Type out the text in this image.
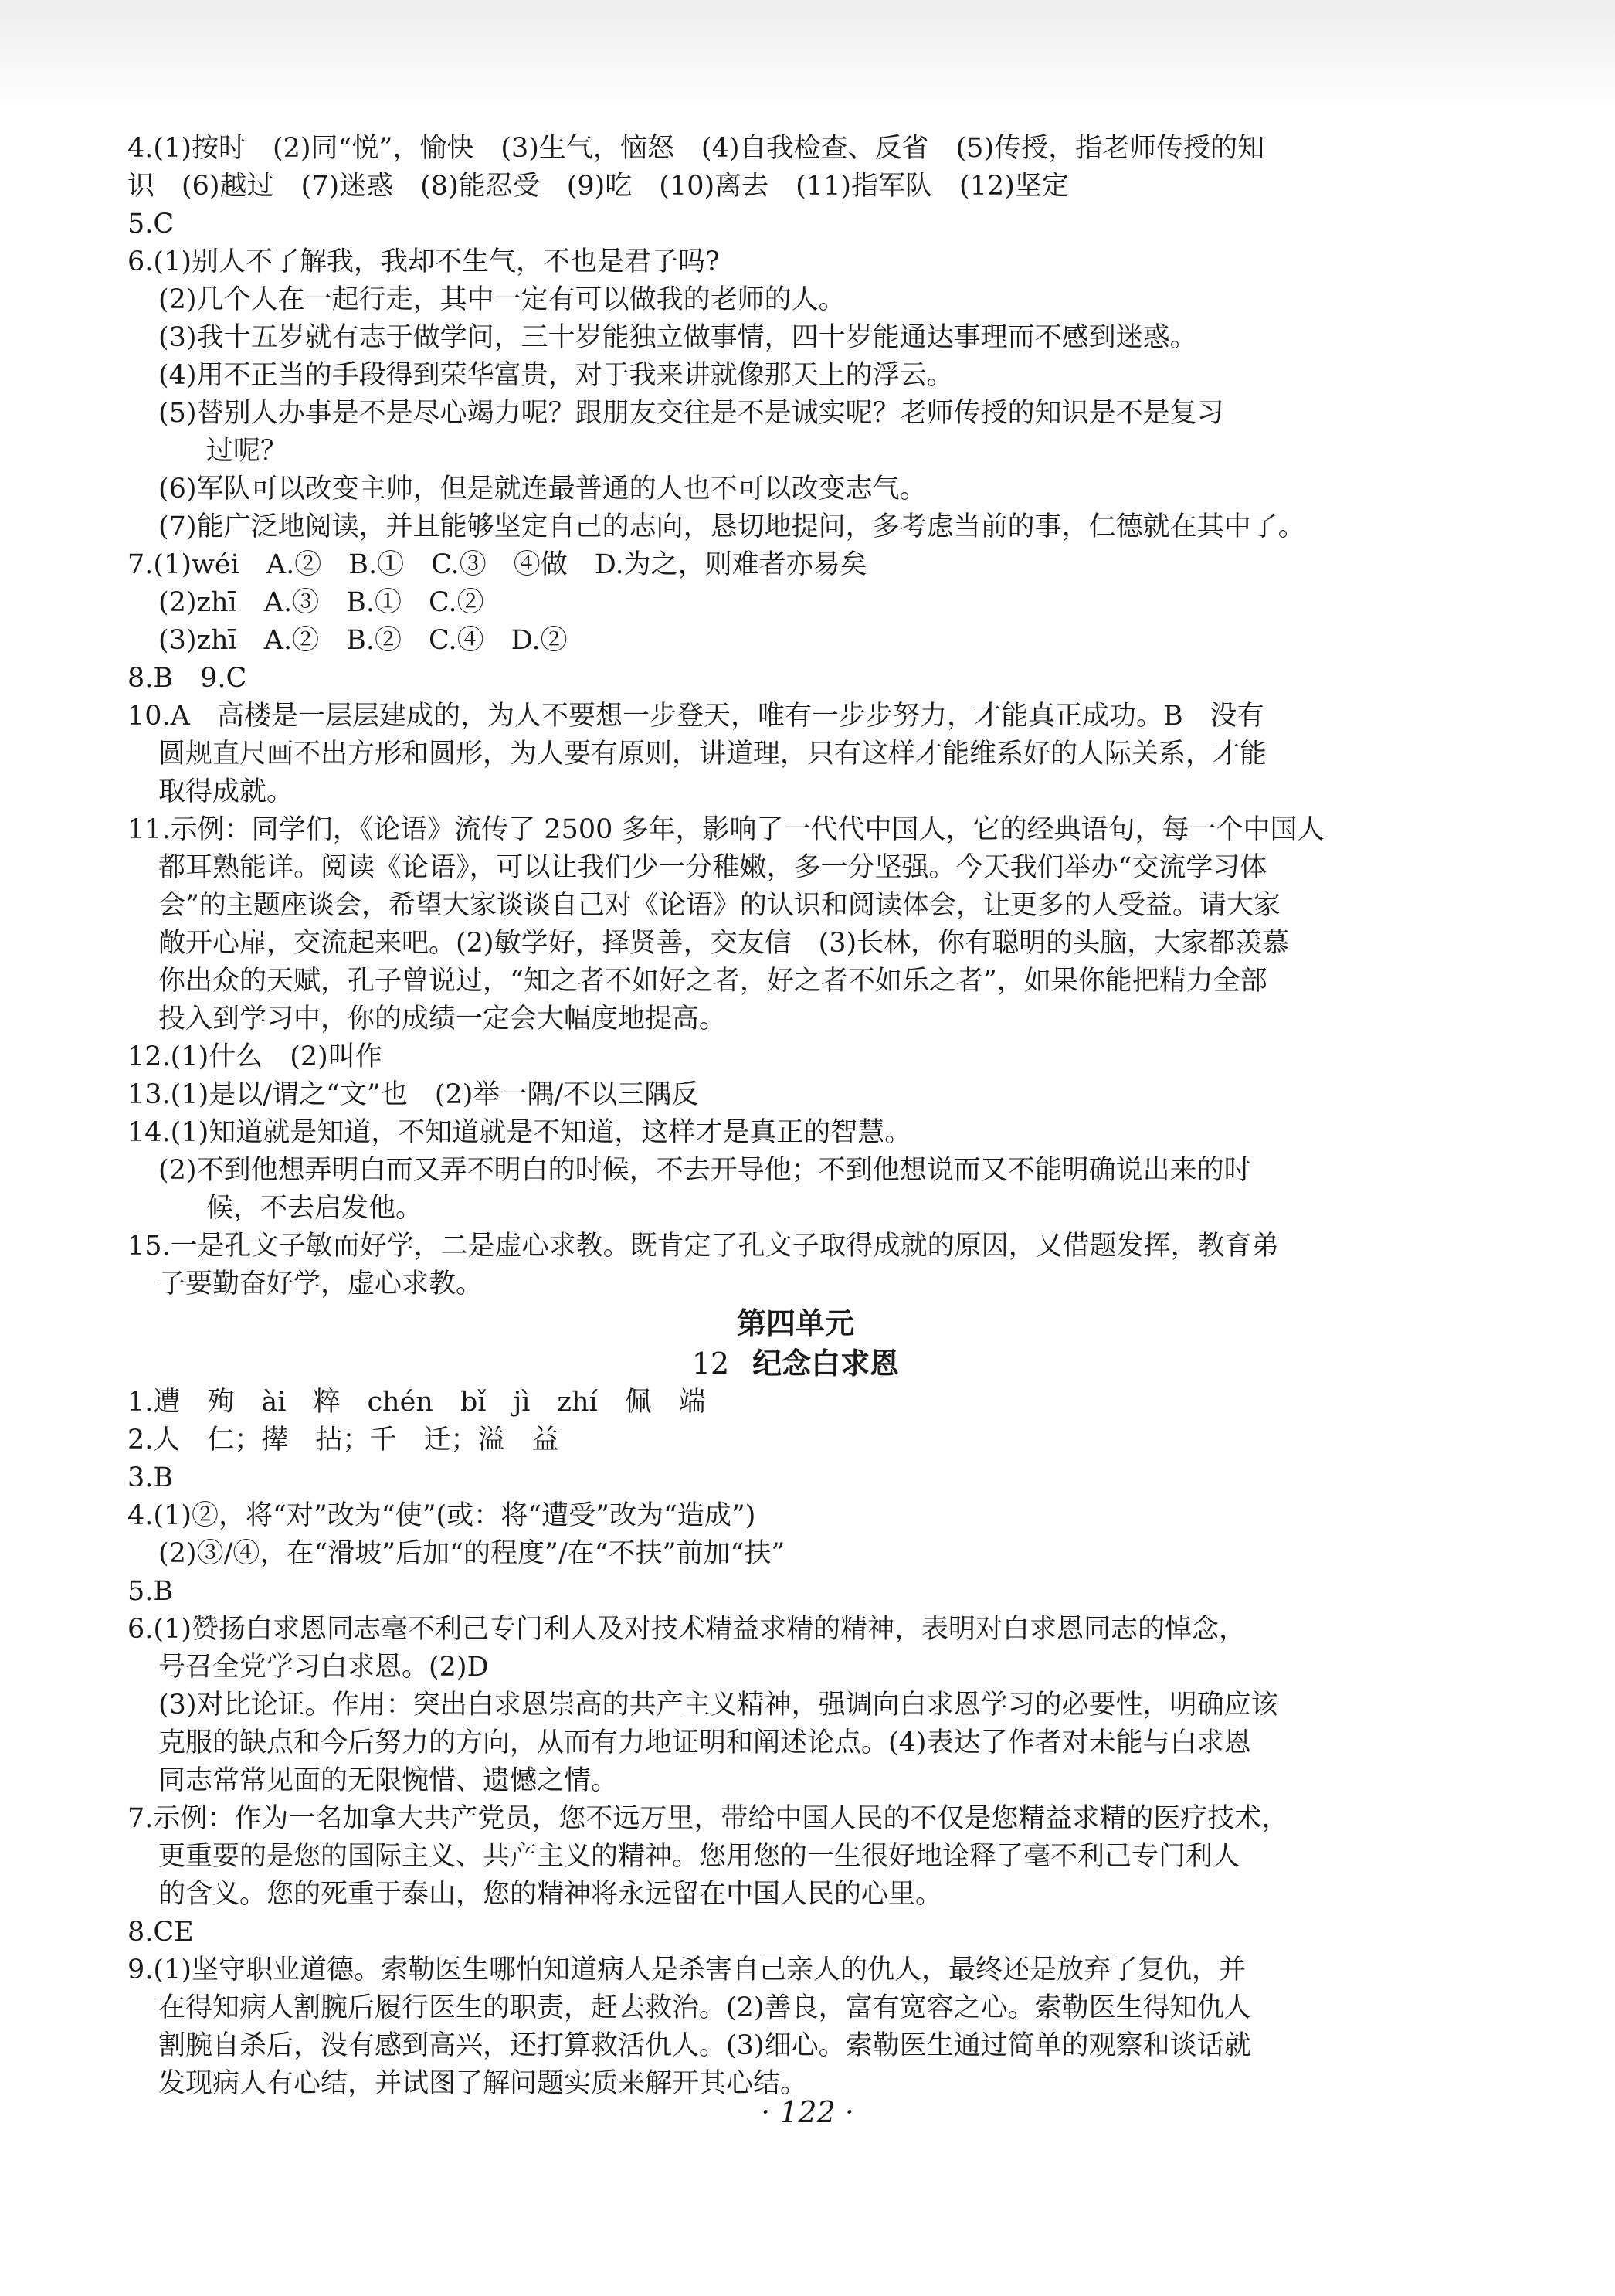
4.(1)按时　(2)同“悦”，愉快　(3)生气，恼怒　(4)自我检查、反省　(5)传授，指老师传授的知
识　(6)越过　(7)迷惑　(8)能忍受　(9)吃　(10)离去　(11)指军队　(12)坚定
5.C
6.(1)别人不了解我，我却不生气，不也是君子吗?
(2)几个人在一起行走，其中一定有可以做我的老师的人。
(3)我十五岁就有志于做学问，三十岁能独立做事情，四十岁能通达事理而不感到迷惑。
(4)用不正当的手段得到荣华富贵，对于我来讲就像那天上的浮云。
(5)替别人办事是不是尽心竭力呢？跟朋友交往是不是诚实呢？老师传授的知识是不是复习
过呢？
(6)军队可以改变主帅，但是就连最普通的人也不可以改变志气。
(7)能广泛地阅读，并且能够坚定自己的志向，恳切地提问，多考虑当前的事，仁德就在其中了。
7.(1)wéi　A.②　B.①　C.③　④做　D.为之，则难者亦易矣
(2)zhī　A.③　B.①　C.②
(3)zhī　A.②　B.②　C.④　D.②
8.B　9.C
10.A　高楼是一层层建成的，为人不要想一步登天，唯有一步步努力，才能真正成功。B　没有
圆规直尺画不出方形和圆形，为人要有原则，讲道理，只有这样才能维系好的人际关系，才能
取得成就。
11.示例：同学们，《论语》流传了 2500 多年，影响了一代代中国人，它的经典语句，每一个中国人
都耳熟能详。阅读《论语》，可以让我们少一分稚嫩，多一分坚强。今天我们举办“交流学习体
会”的主题座谈会，希望大家谈谈自己对《论语》的认识和阅读体会，让更多的人受益。请大家
敞开心扉，交流起来吧。(2)敏学好，择贤善，交友信　(3)长林，你有聪明的头脑，大家都羡慕
你出众的天赋，孔子曾说过，“知之者不如好之者，好之者不如乐之者”，如果你能把精力全部
投入到学习中，你的成绩一定会大幅度地提高。
12.(1)什么　(2)叫作
13.(1)是以/谓之“文”也　(2)举一隅/不以三隅反
14.(1)知道就是知道，不知道就是不知道，这样才是真正的智慧。
(2)不到他想弄明白而又弄不明白的时候，不去开导他；不到他想说而又不能明确说出来的时
候，不去启发他。
15.一是孔文子敏而好学，二是虚心求教。既肯定了孔文子取得成就的原因，又借题发挥，教育弟
子要勤奋好学，虚心求教。
第四单元
12 纪念白求恩
1.遭　殉　ài　粹　chén　bǐ　jì　zhí　佩　端
2.人　仁；撵　拈；千　迁；溢　益
3.B
4.(1)②，将“对”改为“使”(或：将“遭受”改为“造成”)
(2)③/④，在“滑坡”后加“的程度”/在“不扶”前加“扶”
5.B
6.(1)赞扬白求恩同志毫不利己专门利人及对技术精益求精的精神，表明对白求恩同志的悼念，
号召全党学习白求恩。(2)D
(3)对比论证。作用：突出白求恩崇高的共产主义精神，强调向白求恩学习的必要性，明确应该
克服的缺点和今后努力的方向，从而有力地证明和阐述论点。(4)表达了作者对未能与白求恩
同志常常见面的无限惋惜、遗憾之情。
7.示例：作为一名加拿大共产党员，您不远万里，带给中国人民的不仅是您精益求精的医疗技术，
更重要的是您的国际主义、共产主义的精神。您用您的一生很好地诠释了毫不利己专门利人
的含义。您的死重于泰山，您的精神将永远留在中国人民的心里。
8.CE
9.(1)坚守职业道德。索勒医生哪怕知道病人是杀害自己亲人的仇人，最终还是放弃了复仇，并
在得知病人割腕后履行医生的职责，赶去救治。(2)善良，富有宽容之心。索勒医生得知仇人
割腕自杀后，没有感到高兴，还打算救活仇人。(3)细心。索勒医生通过简单的观察和谈话就
发现病人有心结，并试图了解问题实质来解开其心结。
· 122 ·
